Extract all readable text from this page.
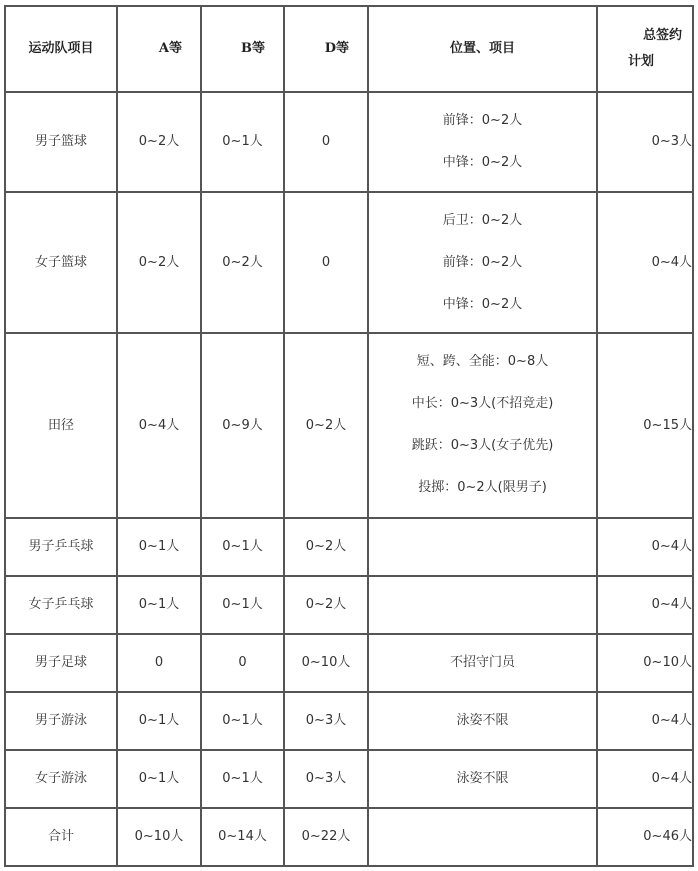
运动队项目	A等	B等	D等	位置、项目	总签约
计划

男子篮球	0~2人	0~1人	0	前锋：0~2人
中锋：0~2人	0~3人
女子篮球	0~2人	0~2人	0	后卫：0~2人
前锋：0~2人
中锋：0~2人	0~4人
田径	0~4人	0~9人	0~2人	短、跨、全能：0~8人
中长：0~3人(不招竞走)
跳跃：0~3人(女子优先)
投掷：0~2人(限男子)	0~15人
男子乒乓球	0~1人	0~1人	0~2人		0~4人
女子乒乓球	0~1人	0~1人	0~2人		0~4人
男子足球	0	0	0~10人	不招守门员	0~10人
男子游泳	0~1人	0~1人	0~3人	泳姿不限	0~4人
女子游泳	0~1人	0~1人	0~3人	泳姿不限	0~4人
合计	0~10人	0~14人	0~22人		0~46人
